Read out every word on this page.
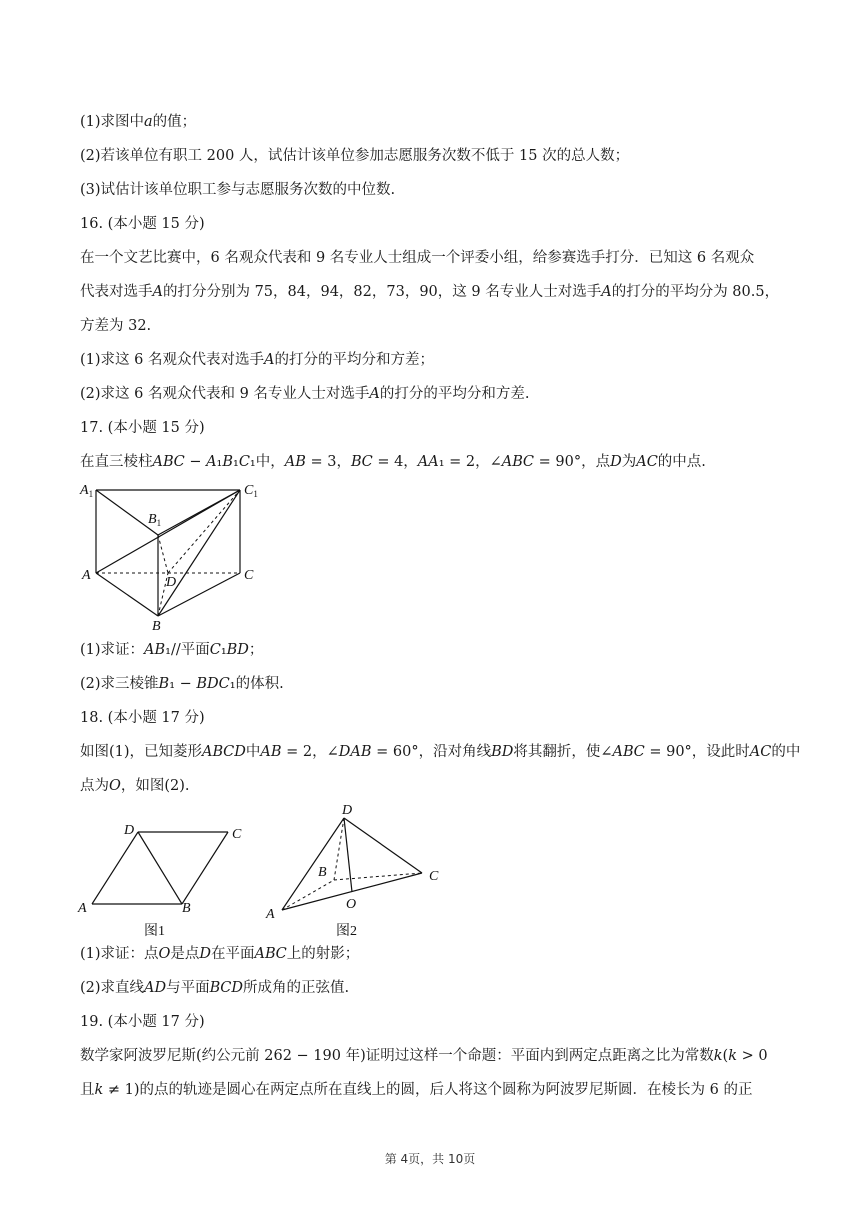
(1)求图中𝑎的值；
(2)若该单位有职工 200 人，试估计该单位参加志愿服务次数不低于 15 次的总人数；
(3)试估计该单位职工参与志愿服务次数的中位数.
16. (本小题 15 分)
在一个文艺比赛中，6 名观众代表和 9 名专业人士组成一个评委小组，给参赛选手打分．已知这 6 名观众
代表对选手𝐴的打分分别为 75，84，94，82，73，90，这 9 名专业人士对选手𝐴的打分的平均分为 80.5，
方差为 32.
(1)求这 6 名观众代表对选手𝐴的打分的平均分和方差；
(2)求这 6 名观众代表和 9 名专业人士对选手𝐴的打分的平均分和方差.
17. (本小题 15 分)
在直三棱柱𝐴𝐵𝐶 − 𝐴₁𝐵₁𝐶₁中，𝐴𝐵 = 3，𝐵𝐶 = 4，𝐴𝐴₁ = 2，∠𝐴𝐵𝐶 = 90°，点𝐷为𝐴𝐶的中点.
$A_1$
$B_1$
$C_1$
A	C
D
B
(1)求证：𝐴𝐵₁//平面𝐶₁𝐵𝐷；
(2)求三棱锥𝐵₁ − 𝐵𝐷𝐶₁的体积.
18. (本小题 17 分)
如图(1)，已知菱形𝐴𝐵𝐶𝐷中𝐴𝐵 = 2，∠𝐷𝐴𝐵 = 60°，沿对角线𝐵𝐷将其翻折，使∠𝐴𝐵𝐶 = 90°，设此时𝐴𝐶的中
点为𝑂，如图(2).
D	C
A	B
图1
D
B	C
A
O
图2
(1)求证：点𝑂是点𝐷在平面𝐴𝐵𝐶上的射影；
(2)求直线𝐴𝐷与平面𝐵𝐶𝐷所成角的正弦值.
19. (本小题 17 分)
数学家阿波罗尼斯(约公元前 262 − 190 年)证明过这样一个命题：平面内到两定点距离之比为常数𝑘(𝑘 > 0
且𝑘 ≠ 1)的点的轨迹是圆心在两定点所在直线上的圆，后人将这个圆称为阿波罗尼斯圆．在棱长为 6 的正
第 4页，共 10页
